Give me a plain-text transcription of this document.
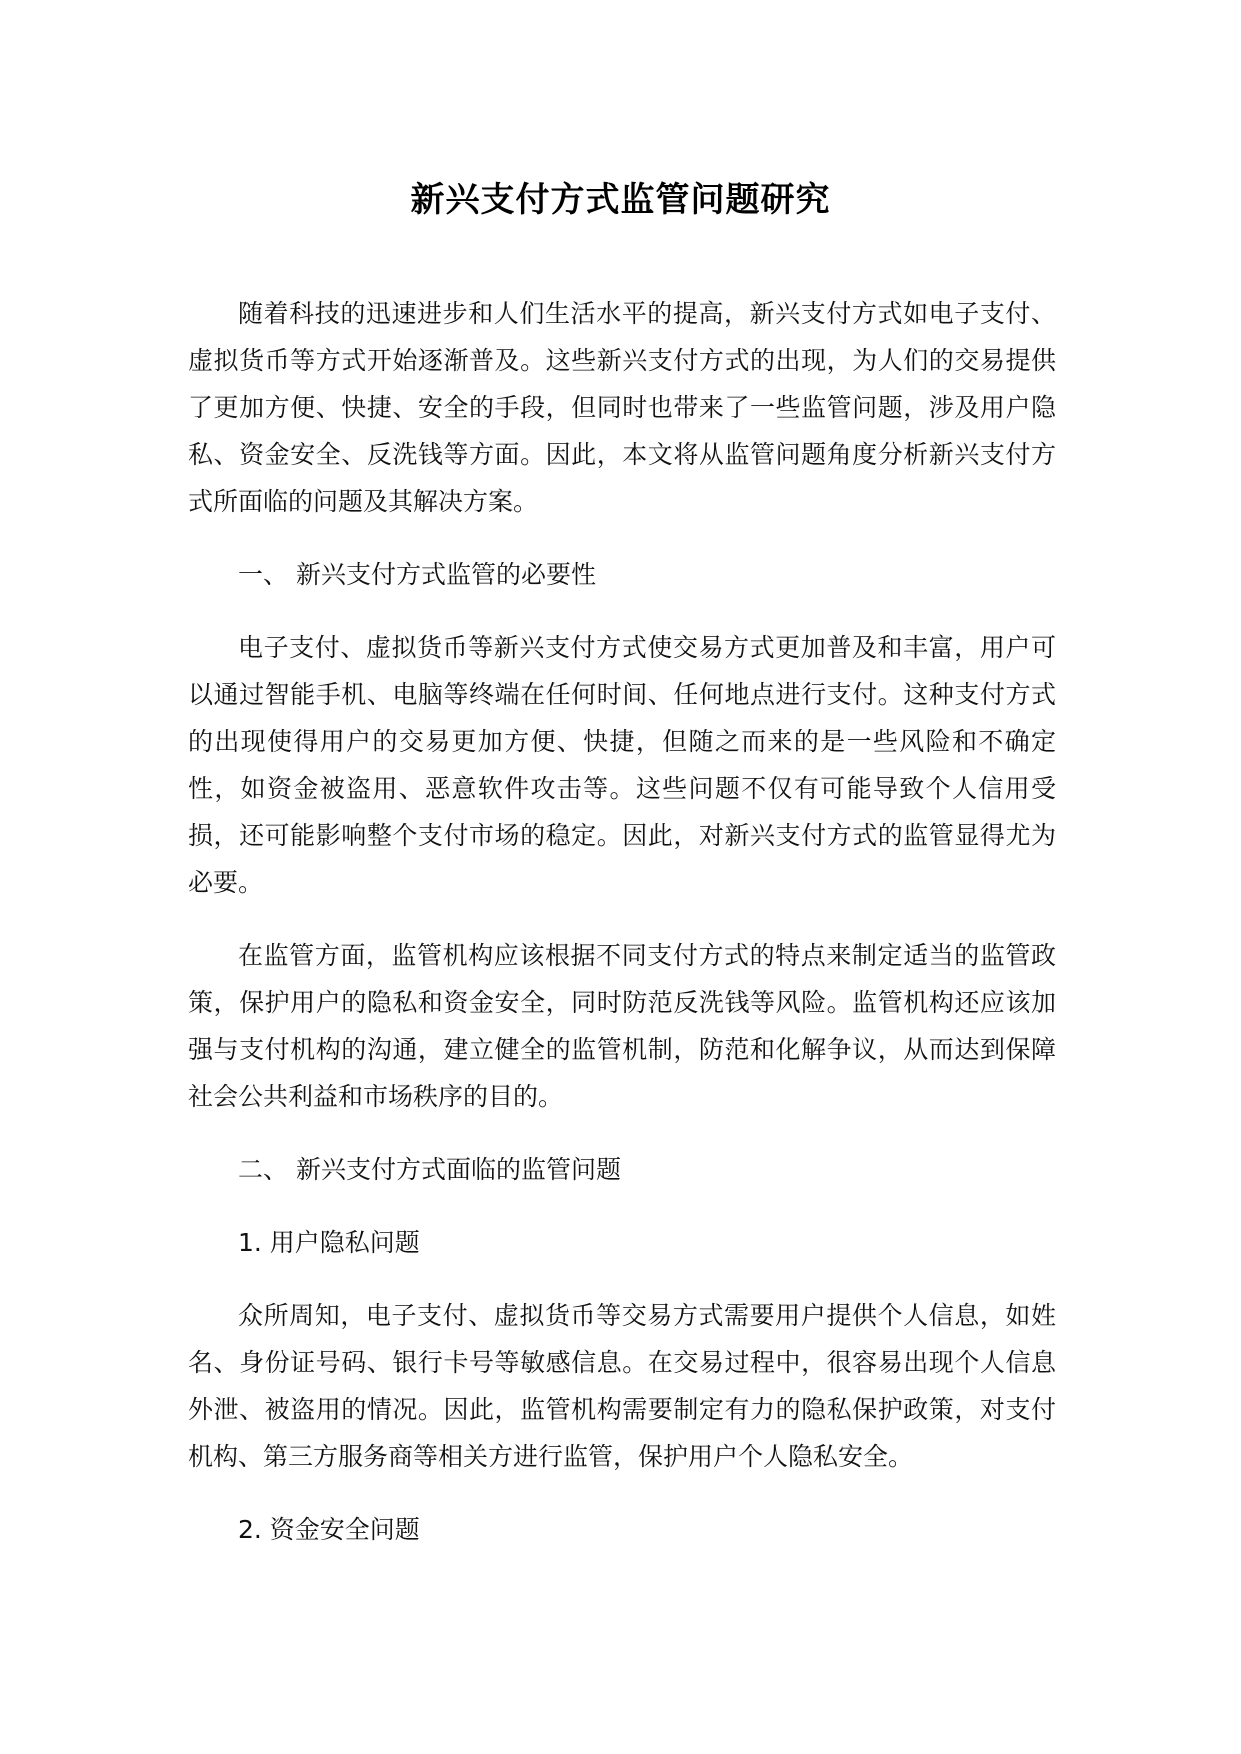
新兴支付方式监管问题研究

随着科技的迅速进步和人们生活水平的提高，新兴支付方式如电子支付、虚拟货币等方式开始逐渐普及。这些新兴支付方式的出现，为人们的交易提供了更加方便、快捷、安全的手段，但同时也带来了一些监管问题，涉及用户隐私、资金安全、反洗钱等方面。因此，本文将从监管问题角度分析新兴支付方式所面临的问题及其解决方案。

一、 新兴支付方式监管的必要性

电子支付、虚拟货币等新兴支付方式使交易方式更加普及和丰富，用户可以通过智能手机、电脑等终端在任何时间、任何地点进行支付。这种支付方式的出现使得用户的交易更加方便、快捷，但随之而来的是一些风险和不确定性，如资金被盗用、恶意软件攻击等。这些问题不仅有可能导致个人信用受损，还可能影响整个支付市场的稳定。因此，对新兴支付方式的监管显得尤为必要。

在监管方面，监管机构应该根据不同支付方式的特点来制定适当的监管政策，保护用户的隐私和资金安全，同时防范反洗钱等风险。监管机构还应该加强与支付机构的沟通，建立健全的监管机制，防范和化解争议，从而达到保障社会公共利益和市场秩序的目的。

二、 新兴支付方式面临的监管问题

1. 用户隐私问题

众所周知，电子支付、虚拟货币等交易方式需要用户提供个人信息，如姓名、身份证号码、银行卡号等敏感信息。在交易过程中，很容易出现个人信息外泄、被盗用的情况。因此，监管机构需要制定有力的隐私保护政策，对支付机构、第三方服务商等相关方进行监管，保护用户个人隐私安全。

2. 资金安全问题
